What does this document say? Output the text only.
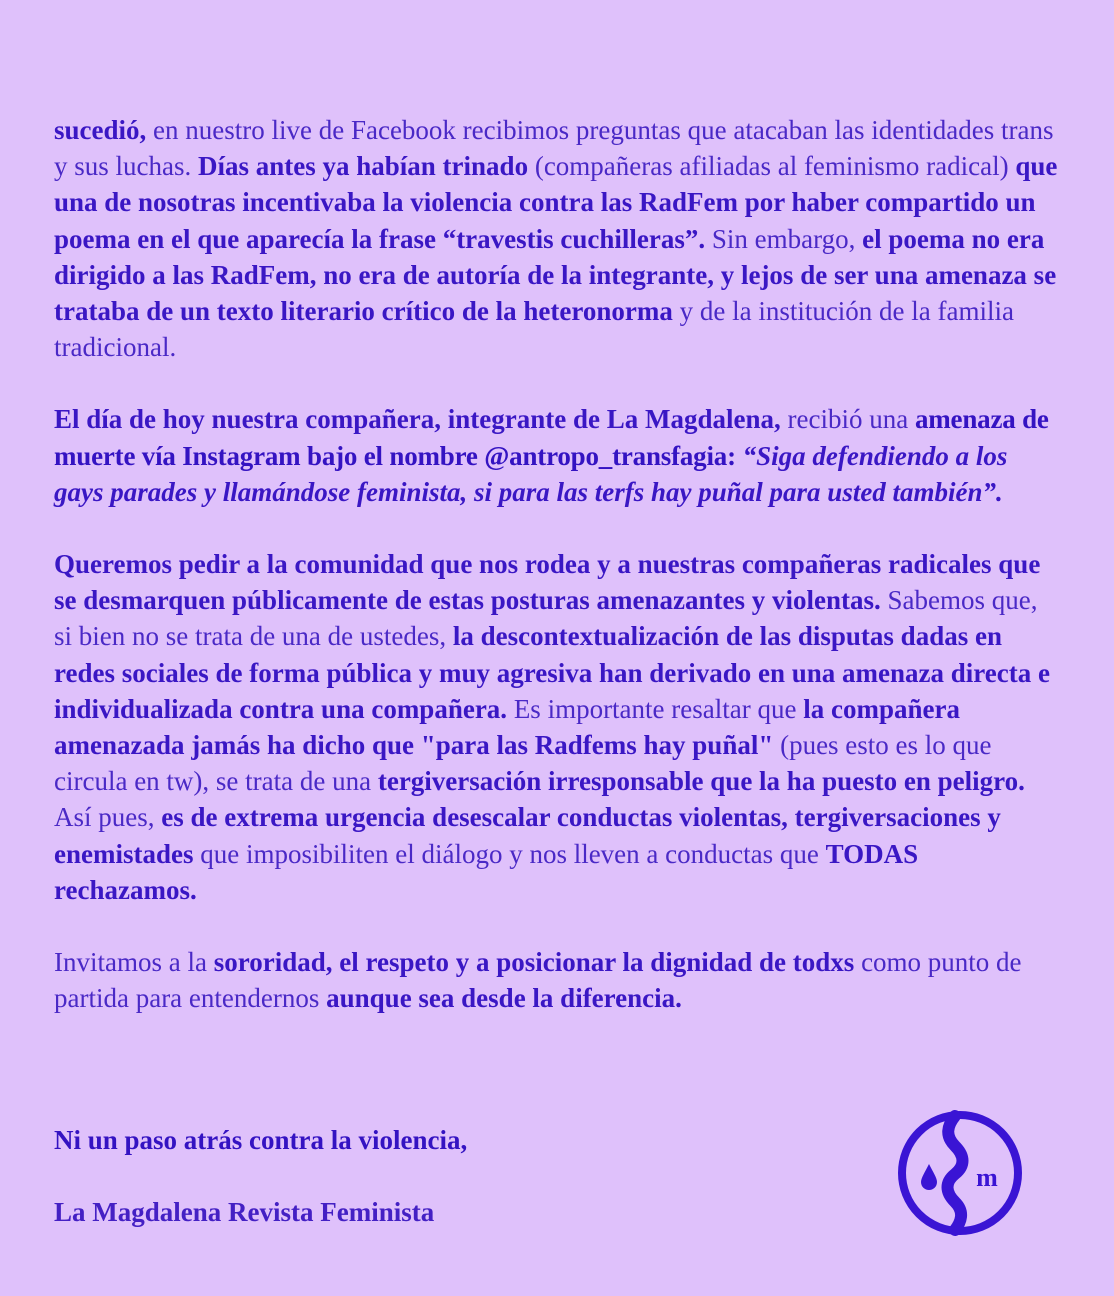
sucedió, en nuestro live de Facebook recibimos preguntas que atacaban las identidades trans y sus luchas. Días antes ya habían trinado (compañeras afiliadas al feminismo radical) que una de nosotras incentivaba la violencia contra las RadFem por haber compartido un poema en el que aparecía la frase “travestis cuchilleras”. Sin embargo, el poema no era dirigido a las RadFem, no era de autoría de la integrante, y lejos de ser una amenaza se trataba de un texto literario crítico de la heteronorma y de la institución de la familia tradicional.

El día de hoy nuestra compañera, integrante de La Magdalena, recibió una amenaza de muerte vía Instagram bajo el nombre @antropo_transfagia: “Siga defendiendo a los gays parades y llamándose feminista, si para las terfs hay puñal para usted también”.

Queremos pedir a la comunidad que nos rodea y a nuestras compañeras radicales que se desmarquen públicamente de estas posturas amenazantes y violentas. Sabemos que, si bien no se trata de una de ustedes, la descontextualización de las disputas dadas en redes sociales de forma pública y muy agresiva han derivado en una amenaza directa e individualizada contra una compañera. Es importante resaltar que la compañera amenazada jamás ha dicho que "para las Radfems hay puñal" (pues esto es lo que circula en tw), se trata de una tergiversación irresponsable que la ha puesto en peligro. Así pues, es de extrema urgencia desescalar conductas violentas, tergiversaciones y enemistades que imposibiliten el diálogo y nos lleven a conductas que TODAS rechazamos.

Invitamos a la sororidad, el respeto y a posicionar la dignidad de todxs como punto de partida para entendernos aunque sea desde la diferencia.

Ni un paso atrás contra la violencia,

La Magdalena Revista Feminista

m
